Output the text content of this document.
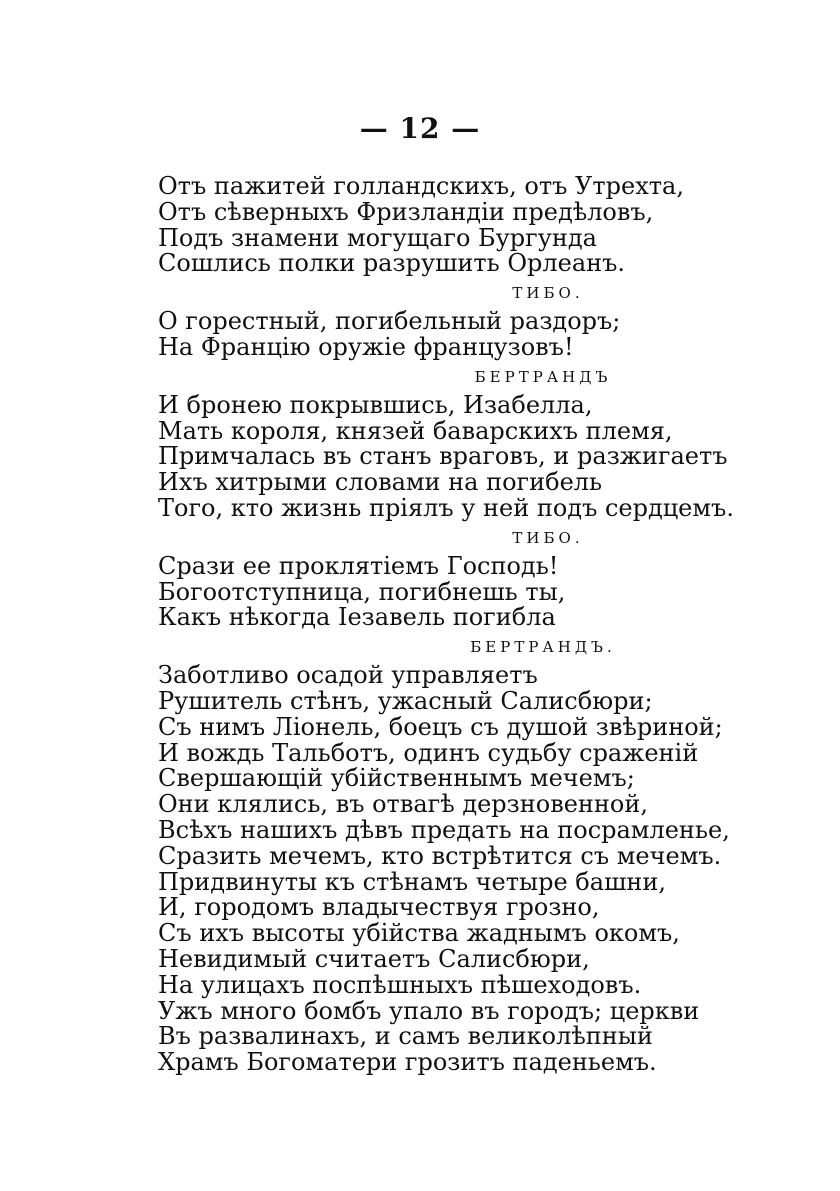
— 12 —
Отъ пажитей голландскихъ, отъ Утрехта,
Отъ сѣверныхъ Фризландіи предѣловъ,
Подъ знамени могущаго Бургунда
Сошлись полки разрушить Орлеанъ.
ТИБО.
О горестный, погибельный раздоръ;
На Францію оружіе французовъ!
БЕРТРАНДЪ
И бронею покрывшись, Изабелла,
Мать короля, князей баварскихъ племя,
Примчалась въ станъ враговъ, и разжигаетъ
Ихъ хитрыми словами на погибель
Того, кто жизнь пріялъ у ней подъ сердцемъ.
ТИБО.
Срази ее проклятіемъ Господь!
Богоотступница, погибнешь ты,
Какъ нѣкогда Іезавель погибла
БЕРТРАНДЪ.
Заботливо осадой управляетъ
Рушитель стѣнъ, ужасный Салисбюри;
Съ нимъ Ліонель, боецъ съ душой звѣриной;
И вождь Тальботъ, одинъ судьбу сраженій
Свершающій убійственнымъ мечемъ;
Они клялись, въ отвагѣ дерзновенной,
Всѣхъ нашихъ дѣвъ предать на посрамленье,
Сразить мечемъ, кто встрѣтится съ мечемъ.
Придвинуты къ стѣнамъ четыре башни,
И, городомъ владычествуя грозно,
Съ ихъ высоты убійства жаднымъ окомъ,
Невидимый считаетъ Салисбюри,
На улицахъ поспѣшныхъ пѣшеходовъ.
Ужъ много бомбъ упало въ городъ; церкви
Въ развалинахъ, и самъ великолѣпный
Храмъ Богоматери грозитъ паденьемъ.
